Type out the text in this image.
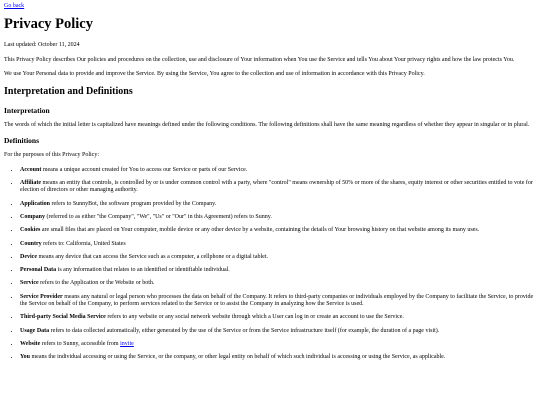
Go back
Privacy Policy

Last updated: October 11, 2024

This Privacy Policy describes Our policies and procedures on the collection, use and disclosure of Your information when You use the Service and tells You about Your privacy rights and how the law protects You.

We use Your Personal data to provide and improve the Service. By using the Service, You agree to the collection and use of information in accordance with this Privacy Policy.

Interpretation and Definitions
Interpretation

The words of which the initial letter is capitalized have meanings defined under the following conditions. The following definitions shall have the same meaning regardless of whether they appear in singular or in plural.

Definitions

For the purposes of this Privacy Policy:

• Account means a unique account created for You to access our Service or parts of our Service.
• Affiliate means an entity that controls, is controlled by or is under common control with a party, where "control" means ownership of 50% or more of the shares, equity interest or other securities entitled to vote for election of directors or other managing authority.
• Application refers to SunnyBot, the software program provided by the Company.
• Company (referred to as either "the Company", "We", "Us" or "Our" in this Agreement) refers to Sunny.
• Cookies are small files that are placed on Your computer, mobile device or any other device by a website, containing the details of Your browsing history on that website among its many uses.
• Country refers to: California, United States
• Device means any device that can access the Service such as a computer, a cellphone or a digital tablet.
• Personal Data is any information that relates to an identified or identifiable individual.
• Service refers to the Application or the Website or both.
• Service Provider means any natural or legal person who processes the data on behalf of the Company. It refers to third-party companies or individuals employed by the Company to facilitate the Service, to provide the Service on behalf of the Company, to perform services related to the Service or to assist the Company in analyzing how the Service is used.
• Third-party Social Media Service refers to any website or any social network website through which a User can log in or create an account to use the Service.
• Usage Data refers to data collected automatically, either generated by the use of the Service or from the Service infrastructure itself (for example, the duration of a page visit).
• Website refers to Sunny, accessible from invite
• You means the individual accessing or using the Service, or the company, or other legal entity on behalf of which such individual is accessing or using the Service, as applicable.
